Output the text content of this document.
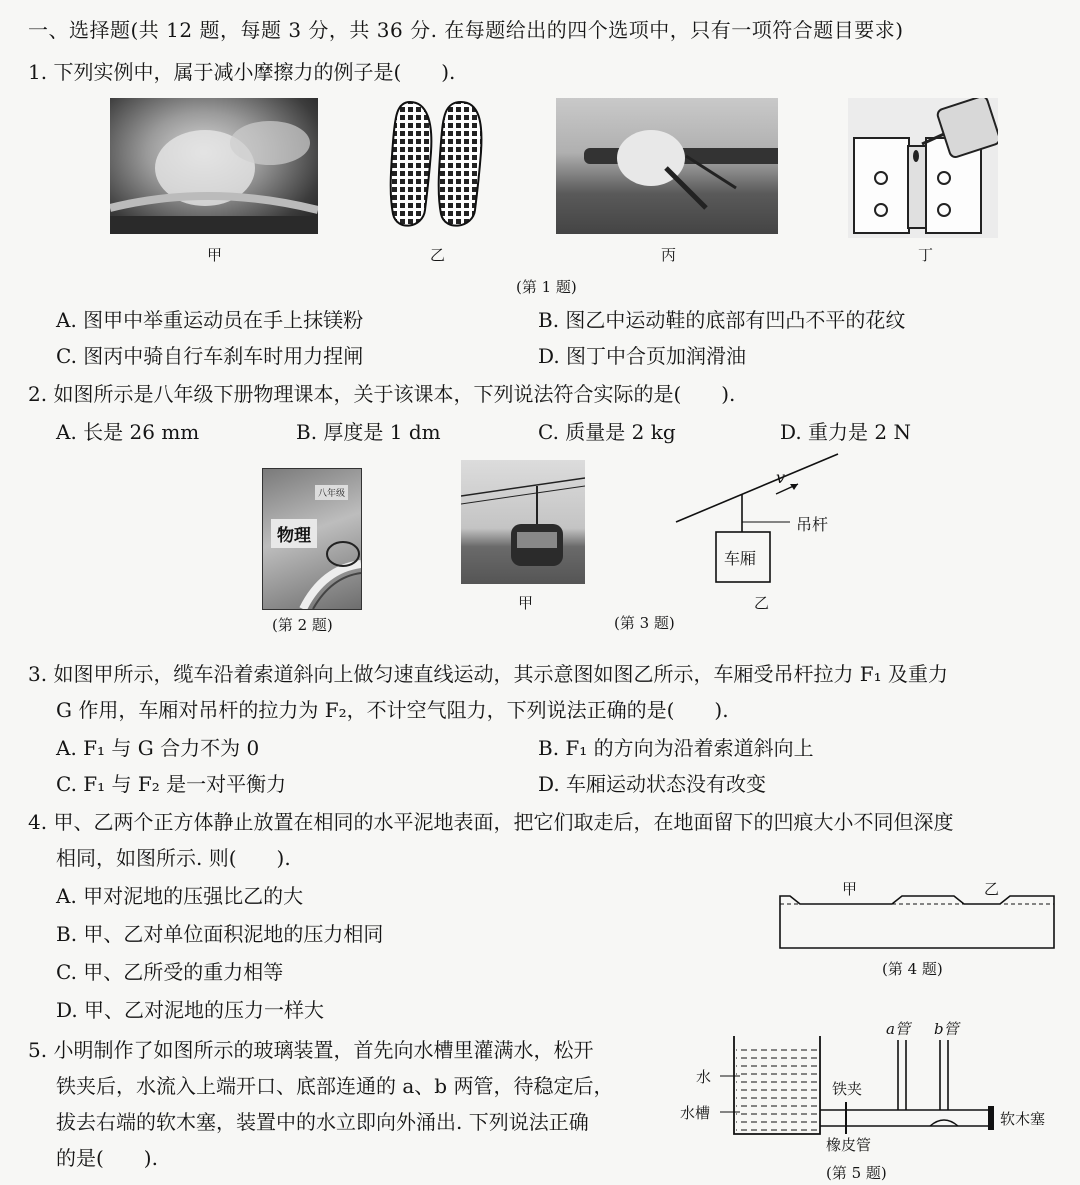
一、选择题(共 12 题，每题 3 分，共 36 分. 在每题给出的四个选项中，只有一项符合题目要求)
1. 下列实例中，属于减小摩擦力的例子是(　　).
甲	乙	丙	丁
(第 1 题)
A. 图甲中举重运动员在手上抹镁粉	B. 图乙中运动鞋的底部有凹凸不平的花纹
C. 图丙中骑自行车刹车时用力捏闸	D. 图丁中合页加润滑油
2. 如图所示是八年级下册物理课本，关于该课本，下列说法符合实际的是(　　).
A. 长是 26 mm	B. 厚度是 1 dm	C. 质量是 2 kg	D. 重力是 2 N
八年级
物理
(第 2 题)
甲
v
吊杆
车厢
乙
(第 3 题)
3. 如图甲所示，缆车沿着索道斜向上做匀速直线运动，其示意图如图乙所示，车厢受吊杆拉力 F₁ 及重力
G 作用，车厢对吊杆的拉力为 F₂，不计空气阻力，下列说法正确的是(　　).
A. F₁ 与 G 合力不为 0	B. F₁ 的方向为沿着索道斜向上
C. F₁ 与 F₂ 是一对平衡力	D. 车厢运动状态没有改变
4. 甲、乙两个正方体静止放置在相同的水平泥地表面，把它们取走后，在地面留下的凹痕大小不同但深度
相同，如图所示. 则(　　).
A. 甲对泥地的压强比乙的大
B. 甲、乙对单位面积泥地的压力相同
C. 甲、乙所受的重力相等
D. 甲、乙对泥地的压力一样大
甲	乙
(第 4 题)
5. 小明制作了如图所示的玻璃装置，首先向水槽里灌满水，松开
铁夹后，水流入上端开口、底部连通的 a、b 两管，待稳定后，
拔去右端的软木塞，装置中的水立即向外涌出. 下列说法正确
的是(　　).
a管 b管
水
水槽
铁夹
橡皮管
软木塞
(第 5 题)
